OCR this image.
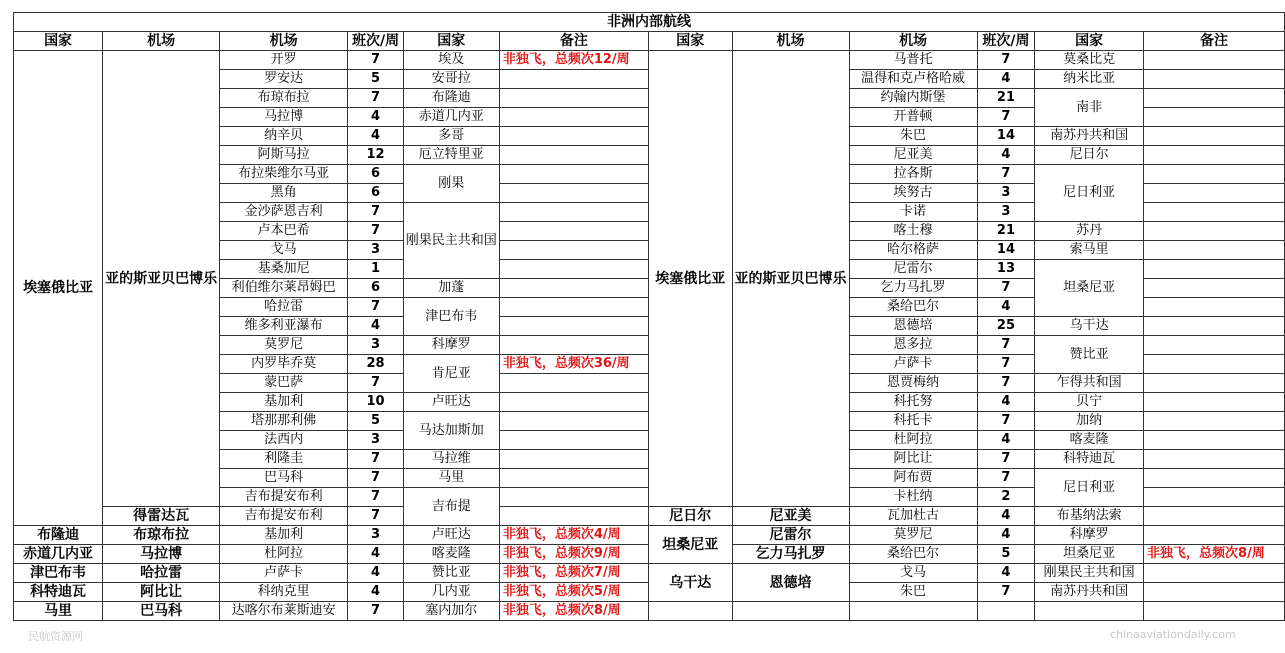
非洲内部航线											
国家	机场	机场	班次/周	国家	备注	国家	机场	机场	班次/周	国家	备注
埃塞俄比亚	亚的斯亚贝巴博乐	开罗	7	埃及	非独飞，总频次12/周	埃塞俄比亚	亚的斯亚贝巴博乐	马普托	7	莫桑比克	
		罗安达	5	安哥拉				温得和克卢格哈威	4	纳米比亚	
		布琼布拉	7	布隆迪				约翰内斯堡	21	南非	
		马拉博	4	赤道几内亚				开普顿	7		
		纳辛贝	4	多哥				朱巴	14	南苏丹共和国	
		阿斯马拉	12	厄立特里亚				尼亚美	4	尼日尔	
		布拉柴维尔马亚	6	刚果				拉各斯	7	尼日利亚	
		黑角	6					埃努古	3		
		金沙萨恩吉利	7	刚果民主共和国				卡诺	3		
		卢本巴希	7					喀土穆	21	苏丹	
		戈马	3					哈尔格萨	14	索马里	
		基桑加尼	1					尼雷尔	13	坦桑尼亚	
		利伯维尔莱昂姆巴	6	加蓬				乞力马扎罗	7		
		哈拉雷	7	津巴布韦				桑给巴尔	4		
		维多利亚瀑布	4					恩德培	25	乌干达	
		莫罗尼	3	科摩罗				恩多拉	7	赞比亚	
		内罗毕乔莫	28	肯尼亚	非独飞，总频次36/周			卢萨卡	7		
		蒙巴萨	7					恩贾梅纳	7	乍得共和国	
		基加利	10	卢旺达				科托努	4	贝宁	
		塔那那利佛	5	马达加斯加				科托卡	7	加纳	
		法西内	3					杜阿拉	4	喀麦隆	
		利隆圭	7	马拉维				阿比让	7	科特迪瓦	
		巴马科	7	马里				阿布贾	7	尼日利亚	
		吉布提安布利	7	吉布提				卡杜纳	2		
	得雷达瓦	吉布提安布利	7			尼日尔	尼亚美	瓦加杜古	4	布基纳法索	
布隆迪	布琼布拉	基加利	3	卢旺达	非独飞，总频次4/周	坦桑尼亚	尼雷尔	莫罗尼	4	科摩罗	
赤道几内亚	马拉博	杜阿拉	4	喀麦隆	非独飞，总频次9/周		乞力马扎罗	桑给巴尔	5	坦桑尼亚	非独飞，总频次8/周
津巴布韦	哈拉雷	卢萨卡	4	赞比亚	非独飞，总频次7/周	乌干达	恩德培	戈马	4	刚果民主共和国	
科特迪瓦	阿比让	科纳克里	4	几内亚	非独飞，总频次5/周			朱巴	7	南苏丹共和国	
马里	巴马科	达喀尔布莱斯迪安	7	塞内加尔	非独飞，总频次8/周						
民航资源网	chinaaviationdaily.com
